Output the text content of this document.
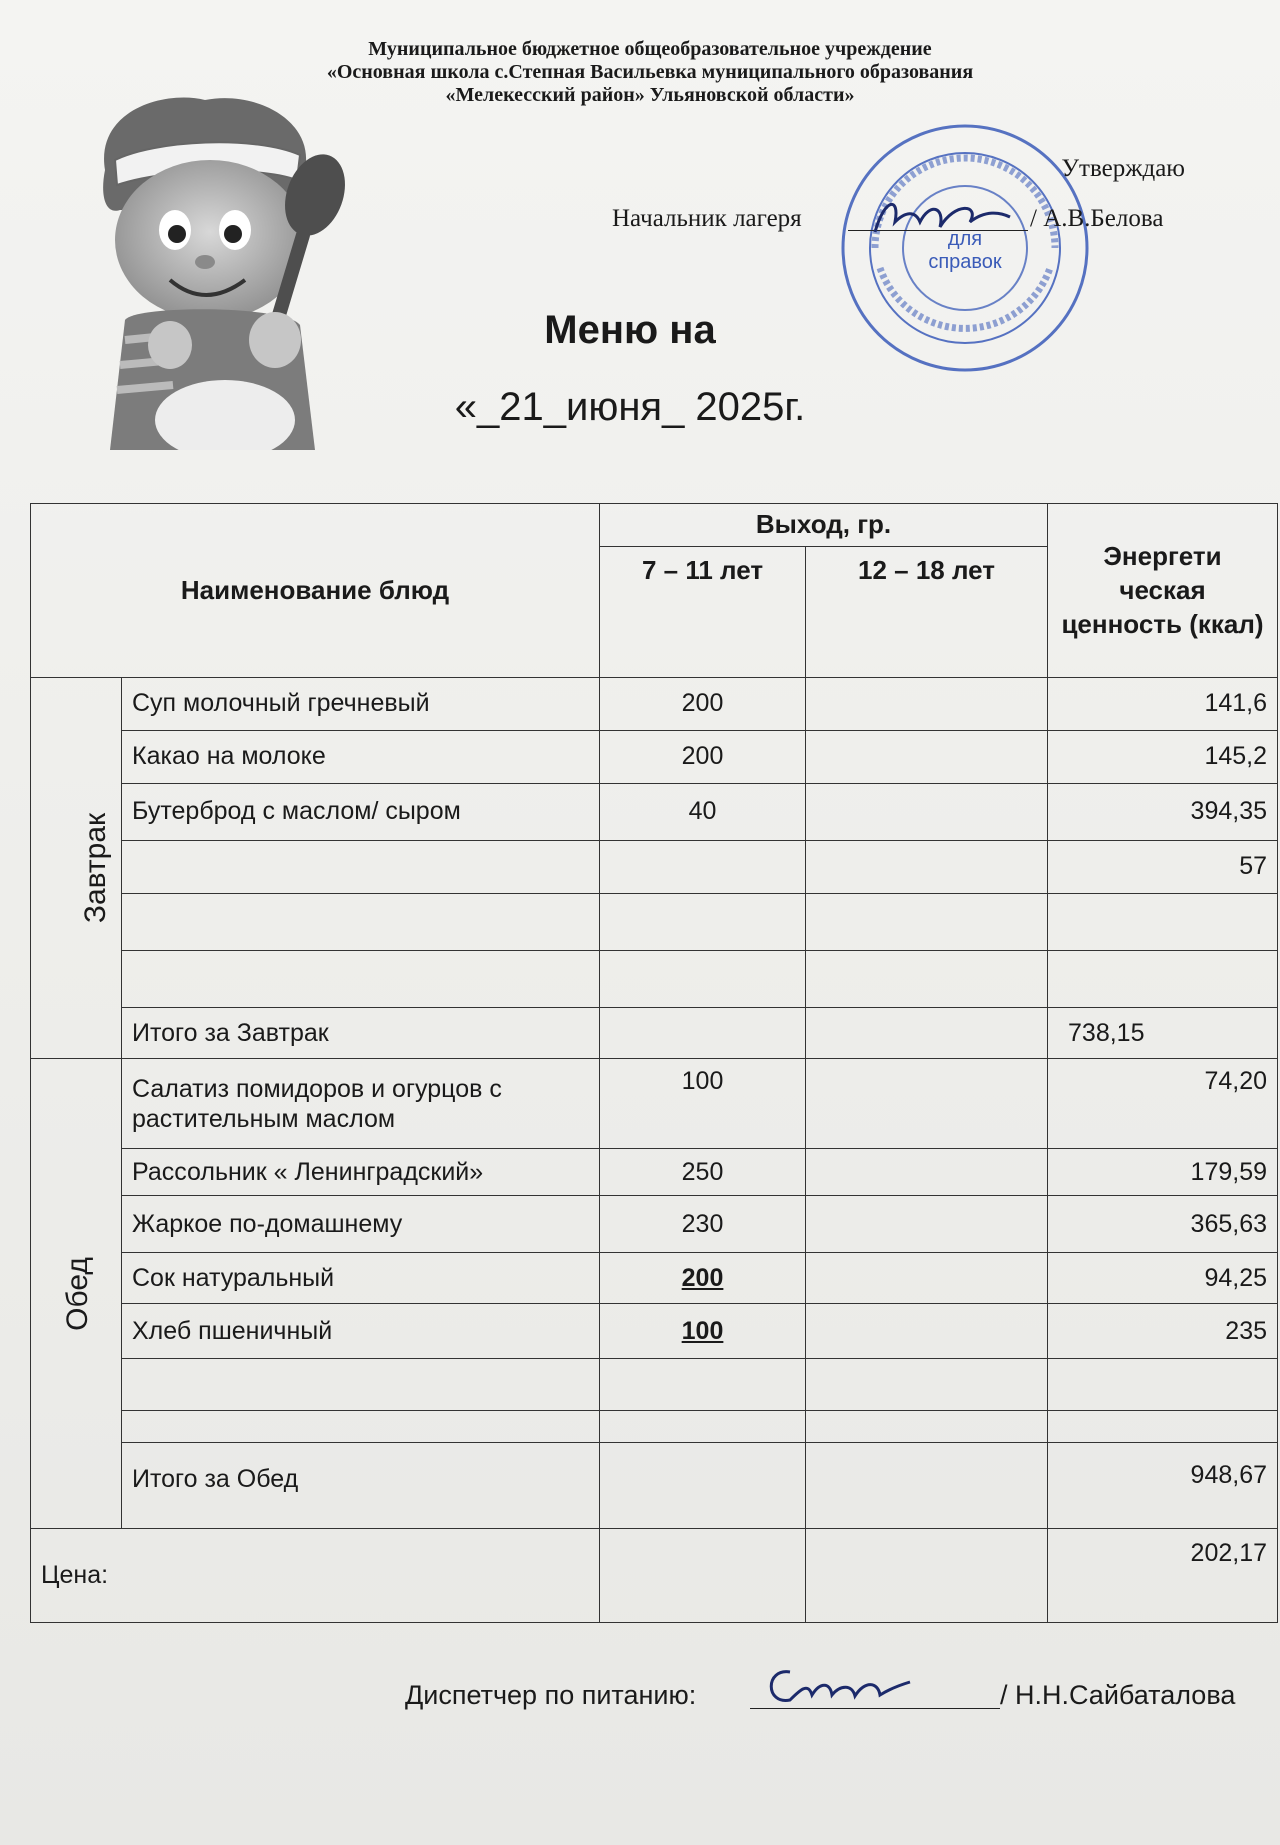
Муниципальное бюджетное общеобразовательное учреждение
«Основная школа с.Степная Васильевка муниципального образования
«Мелекесский район» Ульяновской области»
для
справок
Утверждаю
Начальник лагеря	/ А.В.Белова
Меню на
«_21_июня_ 2025г.
Наименование блюд		Выход, гр.		Энергети ческая ценность (ккал)
		7 – 11 лет	12 – 18 лет	
Завтрак	Суп молочный гречневый	200		141,6
	Какао на молоке	200		145,2
	Бутерброд с маслом/ сыром	40		394,35
				57

	Итого за Завтрак			738,15
Обед	Салатиз помидоров и огурцов с растительным маслом	100		74,20
	Рассольник « Ленинградский»	250		179,59
	Жаркое по-домашнему	230		365,63
	Сок натуральный	200		94,25
	Хлеб пшеничный	100		235

	Итого за Обед			948,67
Цена:				202,17
Диспетчер по питанию:	/ Н.Н.Сайбаталова
